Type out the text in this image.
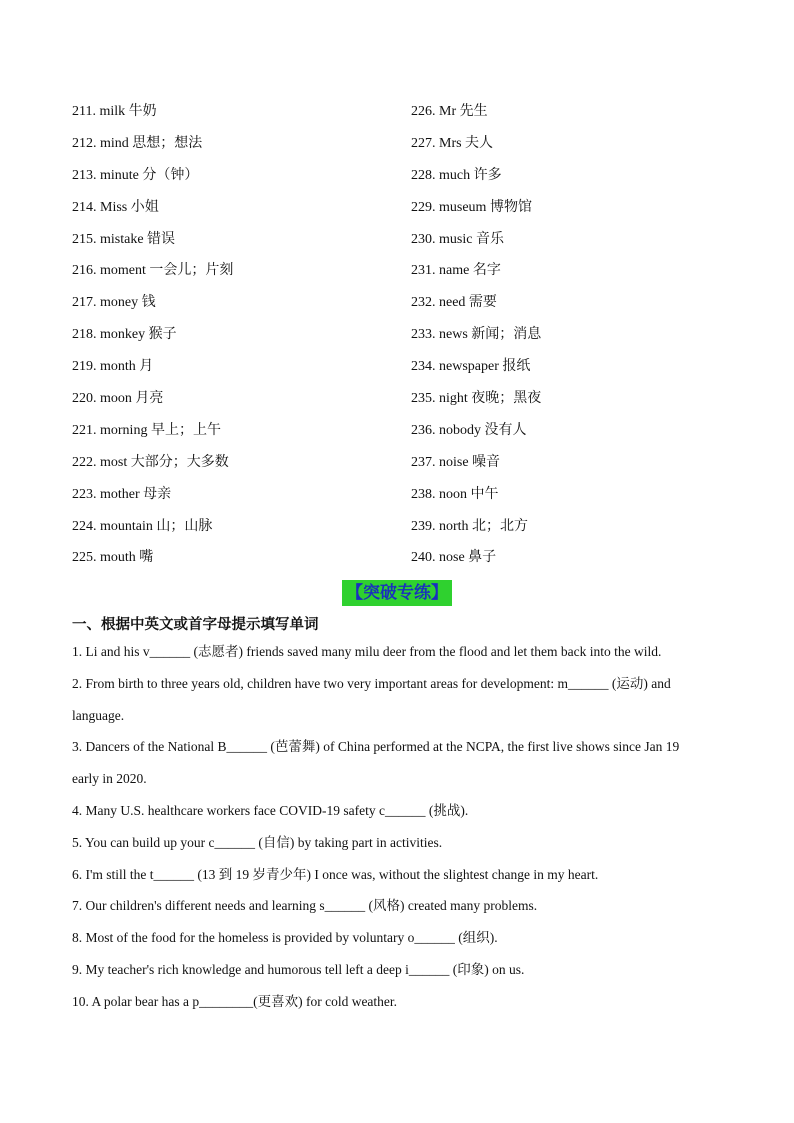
211. milk 牛奶
212. mind 思想；想法
213. minute 分（钟）
214. Miss 小姐
215. mistake 错误
216. moment 一会儿；片刻
217. money 钱
218. monkey 猴子
219. month 月
220. moon 月亮
221. morning 早上；上午
222. most 大部分；大多数
223. mother 母亲
224. mountain 山；山脉
225. mouth 嘴
226. Mr 先生
227. Mrs 夫人
228. much 许多
229. museum 博物馆
230. music 音乐
231. name 名字
232. need 需要
233. news 新闻；消息
234. newspaper 报纸
235. night 夜晚；黑夜
236. nobody 没有人
237. noise 噪音
238. noon 中午
239. north 北；北方
240. nose 鼻子
【突破专练】
一、根据中英文或首字母提示填写单词
1. Li and his v______ (志愿者) friends saved many milu deer from the flood and let them back into the wild.
2. From birth to three years old, children have two very important areas for development: m______ (运动) and
language.
3. Dancers of the National B______ (芭蕾舞) of China performed at the NCPA, the first live shows since Jan 19
early in 2020.
4. Many U.S. healthcare workers face COVID-19 safety c______ (挑战).
5. You can build up your c______ (自信) by taking part in activities.
6. I'm still the t______ (13 到 19 岁青少年) I once was, without the slightest change in my heart.
7. Our children's different needs and learning s______ (风格) created many problems.
8. Most of the food for the homeless is provided by voluntary o______ (组织).
9. My teacher's rich knowledge and humorous tell left a deep i______ (印象) on us.
10. A polar bear has a p________(更喜欢) for cold weather.
